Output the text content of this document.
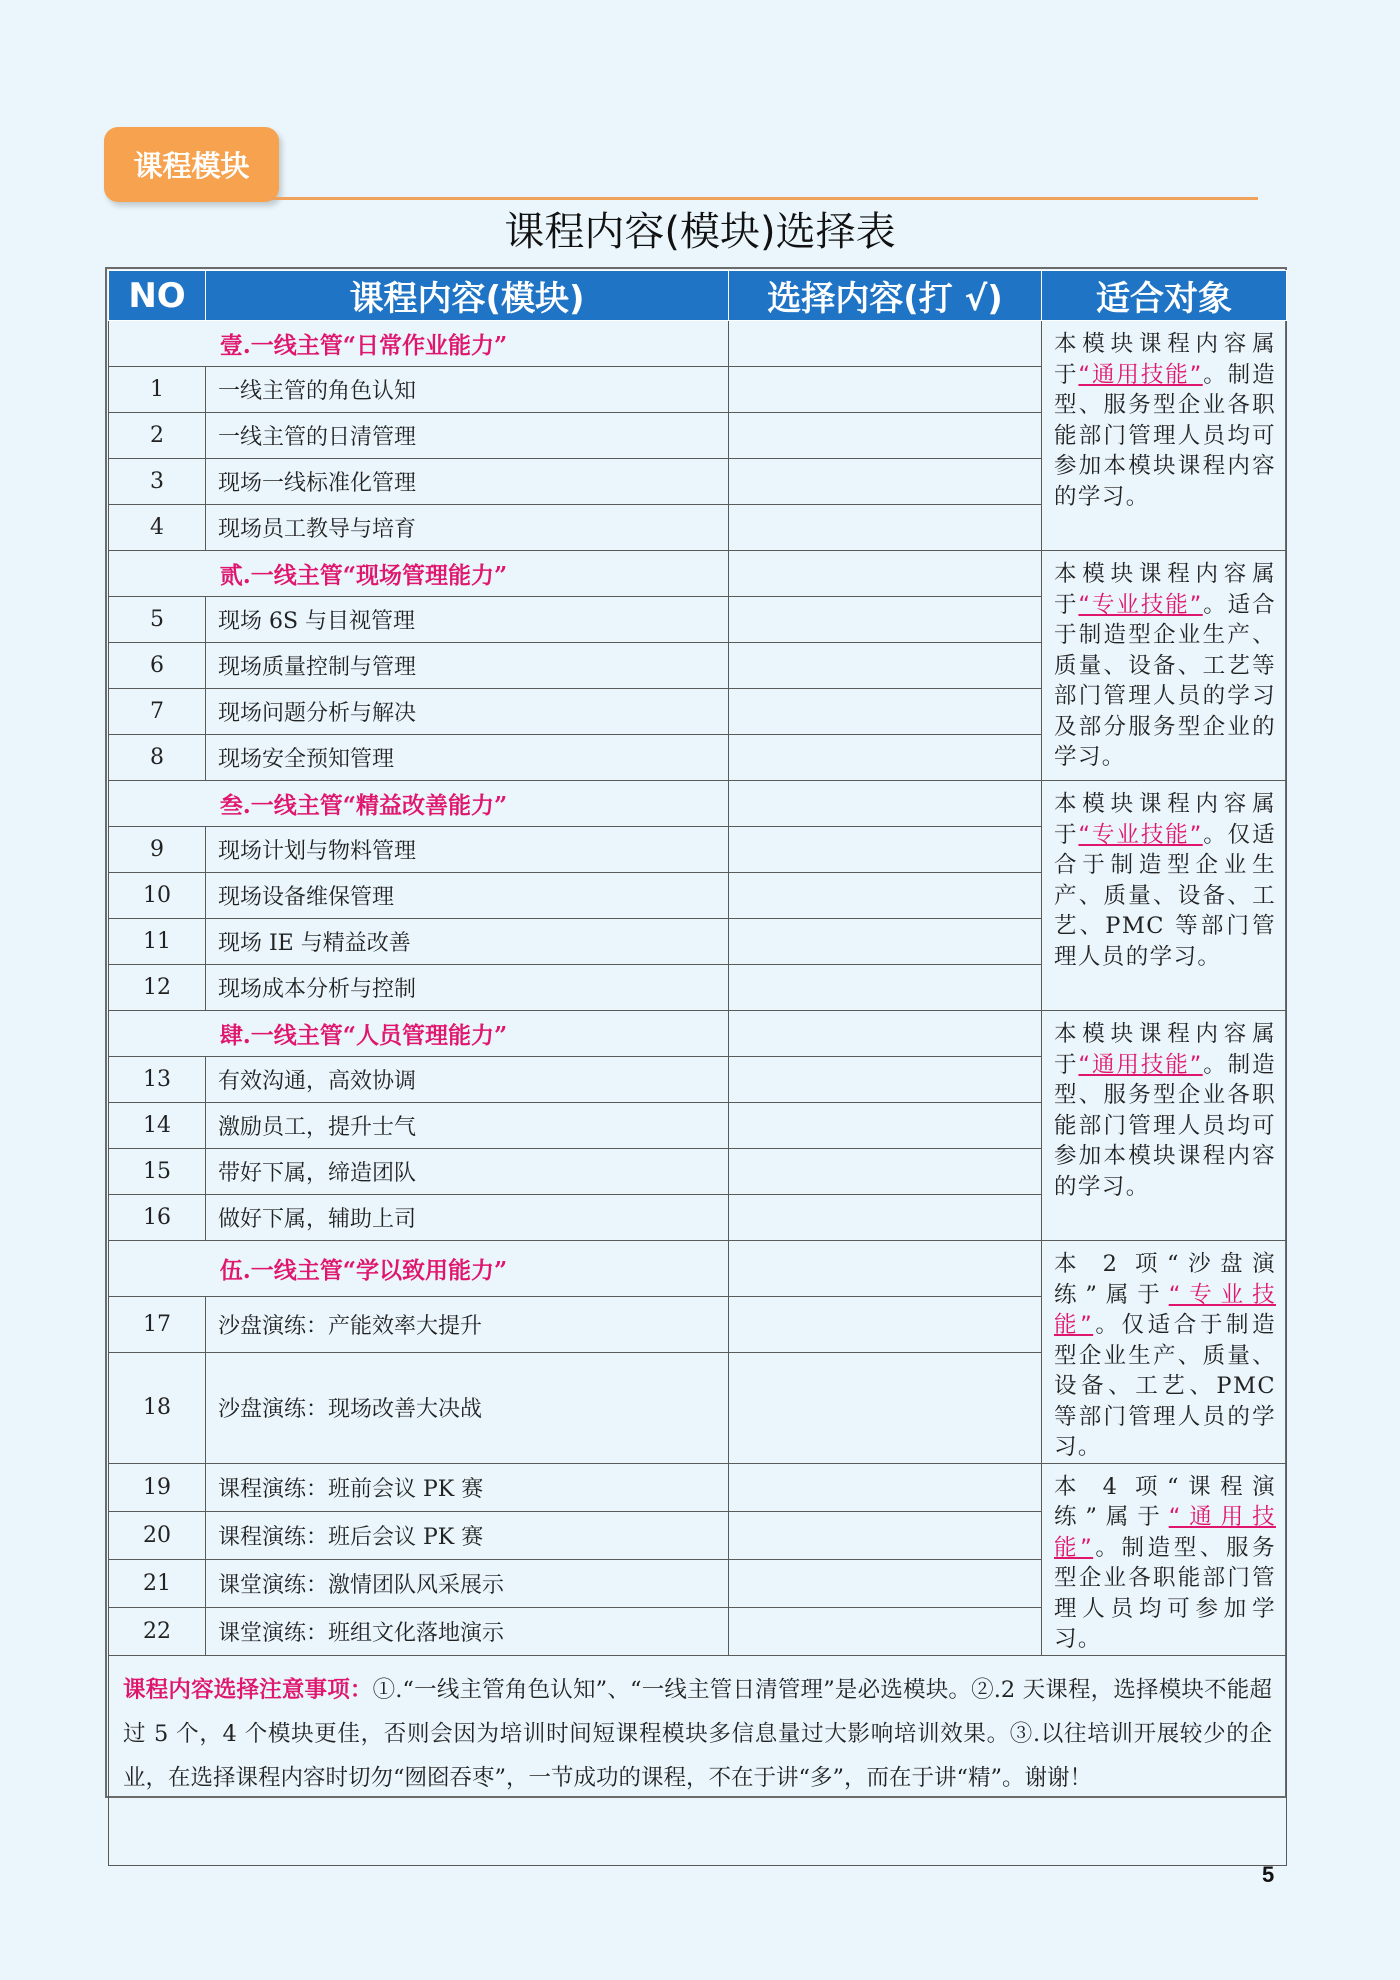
课程模块
课程内容(模块)选择表
NO	课程内容(模块)	选择内容(打 √)	适合对象
壹.一线主管“日常作业能力”			本模块课程内容属于“通用技能”。制造型、服务型企业各职能部门管理人员均可参加本模块课程内容的学习。
1	一线主管的角色认知		
2	一线主管的日清管理		
3	现场一线标准化管理		
4	现场员工教导与培育		
贰.一线主管“现场管理能力”			本模块课程内容属于“专业技能”。适合于制造型企业生产、质量、设备、工艺等部门管理人员的学习及部分服务型企业的学习。
5	现场 6S 与目视管理		
6	现场质量控制与管理		
7	现场问题分析与解决		
8	现场安全预知管理		
叁.一线主管“精益改善能力”			本模块课程内容属于“专业技能”。仅适合于制造型企业生产、质量、设备、工艺、PMC 等部门管理人员的学习。
9	现场计划与物料管理		
10	现场设备维保管理		
11	现场 IE 与精益改善		
12	现场成本分析与控制		
肆.一线主管“人员管理能力”			本模块课程内容属于“通用技能”。制造型、服务型企业各职能部门管理人员均可参加本模块课程内容的学习。
13	有效沟通，高效协调		
14	激励员工，提升士气		
15	带好下属，缔造团队		
16	做好下属，辅助上司		
伍.一线主管“学以致用能力”			本 2 项“沙盘演练”属于“专业技能”。仅适合于制造型企业生产、质量、设备、工艺、PMC 等部门管理人员的学习。
17	沙盘演练：产能效率大提升		
18	沙盘演练：现场改善大决战		
19	课程演练：班前会议 PK 赛		本 4 项“课程演练”属于“通用技能”。制造型、服务型企业各职能部门管理人员均可参加学习。
20	课程演练：班后会议 PK 赛		
21	课堂演练：激情团队风采展示		
22	课堂演练：班组文化落地演示		
课程内容选择注意事项：①.“一线主管角色认知”、“一线主管日清管理”是必选模块。②.2 天课程，选择模块不能超过 5 个，4 个模块更佳，否则会因为培训时间短课程模块多信息量过大影响培训效果。③.以往培训开展较少的企业，在选择课程内容时切勿“囫囵吞枣”，一节成功的课程，不在于讲“多”，而在于讲“精”。谢谢！			
5
